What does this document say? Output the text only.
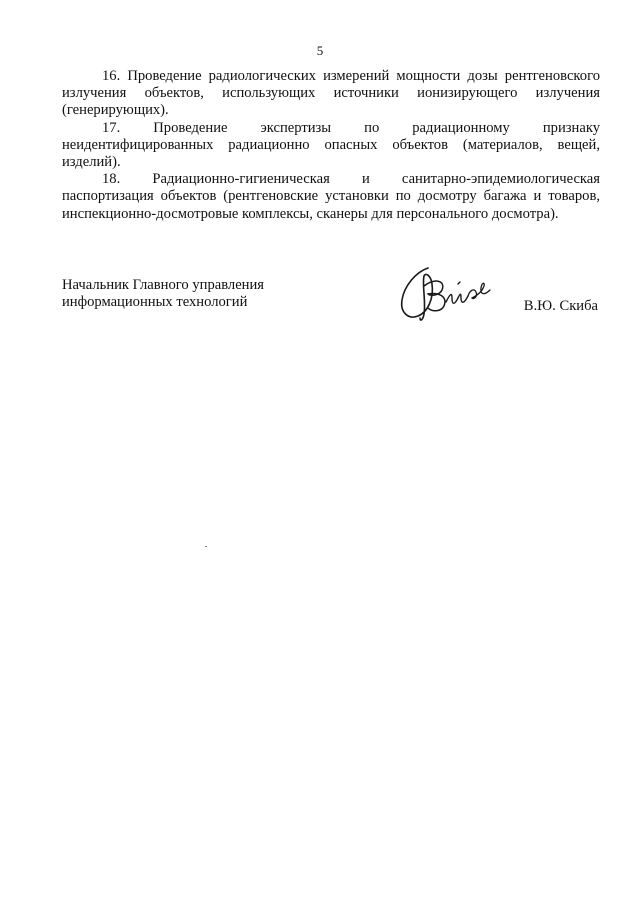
5
16. Проведение радиологических измерений мощности дозы рентгеновского
излучения объектов, использующих источники ионизирующего излучения
(генерирующих).
17. Проведение экспертизы по радиационному признаку
неидентифицированных радиационно опасных объектов (материалов, вещей,
изделий).
18. Радиационно-гигиеническая и санитарно-эпидемиологическая
паспортизация объектов (рентгеновские установки по досмотру багажа и товаров,
инспекционно-досмотровые комплексы, сканеры для персонального досмотра).
Начальник Главного управления
информационных технологий	В.Ю. Скиба
